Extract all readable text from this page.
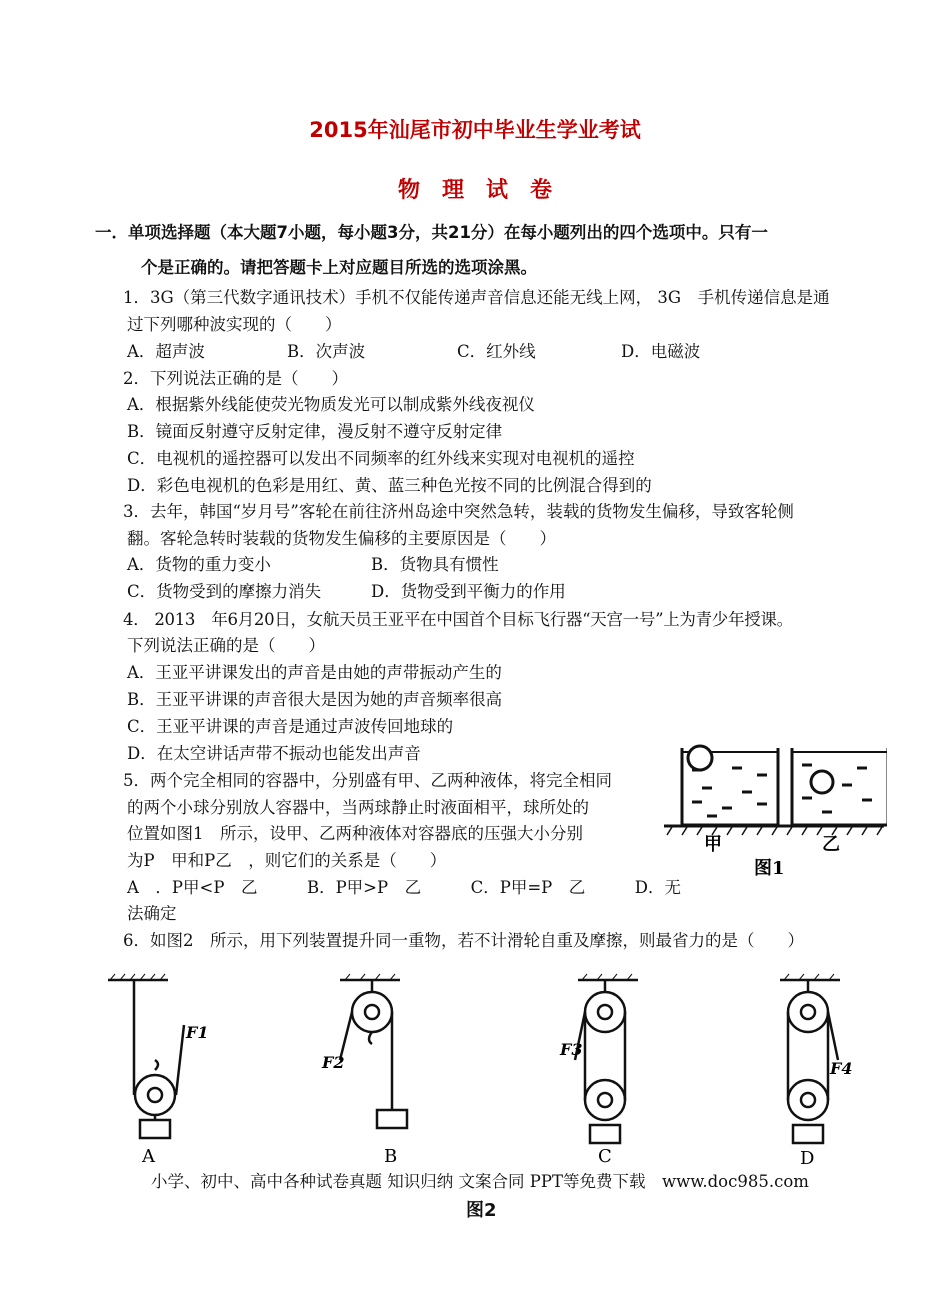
2015年汕尾市初中毕业生学业考试
物　理　试　卷
一．单项选择题（本大题7小题，每小题3分，共21分）在每小题列出的四个选项中。只有一
个是正确的。请把答题卡上对应题目所选的选项涂黑。
1．3G（第三代数字通讯技术）手机不仅能传递声音信息还能无线上网， 3G　手机传递信息是通
过下列哪种波实现的（　　）
A．超声波	B．次声波	C．红外线	D．电磁波
2．下列说法正确的是（　　）
A．根据紫外线能使荧光物质发光可以制成紫外线夜视仪
B．镜面反射遵守反射定律，漫反射不遵守反射定律
C．电视机的遥控器可以发出不同频率的红外线来实现对电视机的遥控
D．彩色电视机的色彩是用红、黄、蓝三种色光按不同的比例混合得到的
3．去年，韩国“岁月号”客轮在前往济州岛途中突然急转，装载的货物发生偏移，导致客轮侧
翻。客轮急转时装载的货物发生偏移的主要原因是（　　）
A．货物的重力变小	B．货物具有惯性
C．货物受到的摩擦力消失	D．货物受到平衡力的作用
4． 2013　年6月20日，女航天员王亚平在中国首个目标飞行器“天宫一号”上为青少年授课。
下列说法正确的是（　　）
A．王亚平讲课发出的声音是由她的声带振动产生的
B．王亚平讲课的声音很大是因为她的声音频率很高
C．王亚平讲课的声音是通过声波传回地球的
D．在太空讲话声带不振动也能发出声音
5．两个完全相同的容器中，分别盛有甲、乙两种液体，将完全相同
的两个小球分别放人容器中，当两球静止时液面相平，球所处的
位置如图1　所示，设甲、乙两种液体对容器底的压强大小分别
为P　甲和P乙　，则它们的关系是（　　）
A　．P甲<P　乙　　　B．P甲>P　乙　　　C．P甲=P　乙　　　D．无
法确定
甲	乙
图1
6．如图2　所示，用下列装置提升同一重物，若不计滑轮自重及摩擦，则最省力的是（　　）
F1
F2
F3
F4
A	B	C	D
小学、初中、高中各种试卷真题 知识归纳 文案合同 PPT等免费下载　www.doc985.com
图2
